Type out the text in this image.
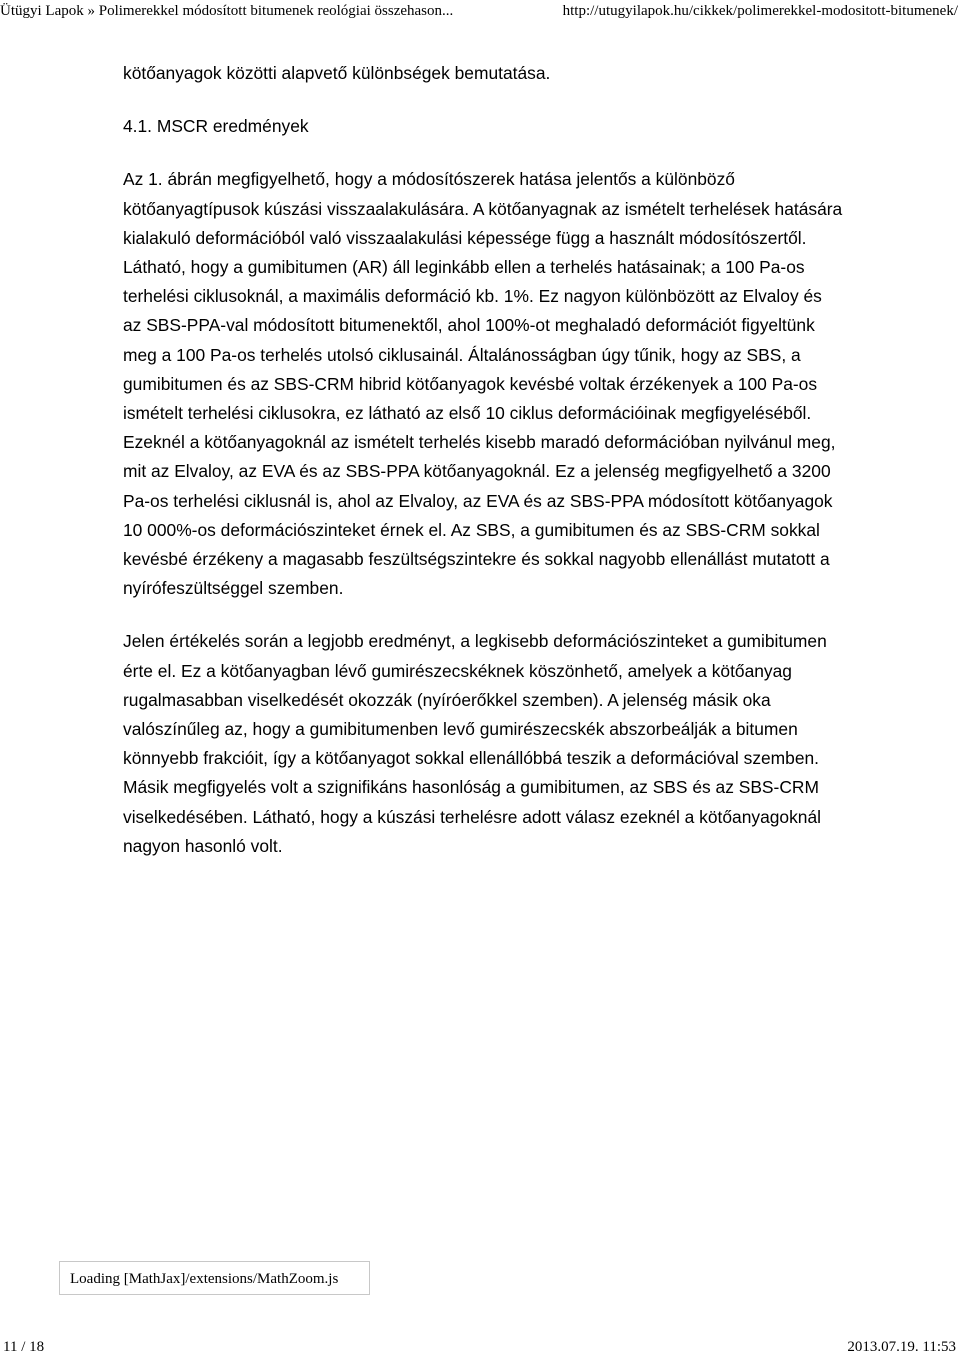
Ütügyi Lapok » Polimerekkel módosított bitumenek reológiai összehason...	http://utugyilapok.hu/cikkek/polimerekkel-modositott-bitumenek/

kötőanyagok közötti alapvető különbségek bemutatása.

4.1. MSCR eredmények

Az 1. ábrán megfigyelhető, hogy a módosítószerek hatása jelentős a különböző kötőanyagtípusok kúszási visszaalakulására. A kötőanyagnak az ismételt terhelések hatására kialakuló deformációból való visszaalakulási képessége függ a használt módosítószertől. Látható, hogy a gumibitumen (AR) áll leginkább ellen a terhelés hatásainak; a 100 Pa-os terhelési ciklusoknál, a maximális deformáció kb. 1%. Ez nagyon különbözött az Elvaloy és az SBS-PPA-val módosított bitumenektől, ahol 100%-ot meghaladó deformációt figyeltünk meg a 100 Pa-os terhelés utolsó ciklusainál. Általánosságban úgy tűnik, hogy az SBS, a gumibitumen és az SBS-CRM hibrid kötőanyagok kevésbé voltak érzékenyek a 100 Pa-os ismételt terhelési ciklusokra, ez látható az első 10 ciklus deformációinak megfigyeléséből. Ezeknél a kötőanyagoknál az ismételt terhelés kisebb maradó deformációban nyilvánul meg, mit az Elvaloy, az EVA és az SBS-PPA kötőanyagoknál. Ez a jelenség megfigyelhető a 3200 Pa-os terhelési ciklusnál is, ahol az Elvaloy, az EVA és az SBS-PPA módosított kötőanyagok 10 000%-os deformációszinteket érnek el. Az SBS, a gumibitumen és az SBS-CRM sokkal kevésbé érzékeny a magasabb feszültségszintekre és sokkal nagyobb ellenállást mutatott a nyírófeszültséggel szemben.

Jelen értékelés során a legjobb eredményt, a legkisebb deformációszinteket a gumibitumen érte el. Ez a kötőanyagban lévő gumirészecskéknek köszönhető, amelyek a kötőanyag rugalmasabban viselkedését okozzák (nyíróerőkkel szemben). A jelenség másik oka valószínűleg az, hogy a gumibitumenben levő gumirészecskék abszorbeálják a bitumen könnyebb frakcióit, így a kötőanyagot sokkal ellenállóbbá teszik a deformációval szemben. Másik megfigyelés volt a szignifikáns hasonlóság a gumibitumen, az SBS és az SBS-CRM viselkedésében. Látható, hogy a kúszási terhelésre adott válasz ezeknél a kötőanyagoknál nagyon hasonló volt.

Loading [MathJax]/extensions/MathZoom.js
11 / 18	2013.07.19. 11:53
